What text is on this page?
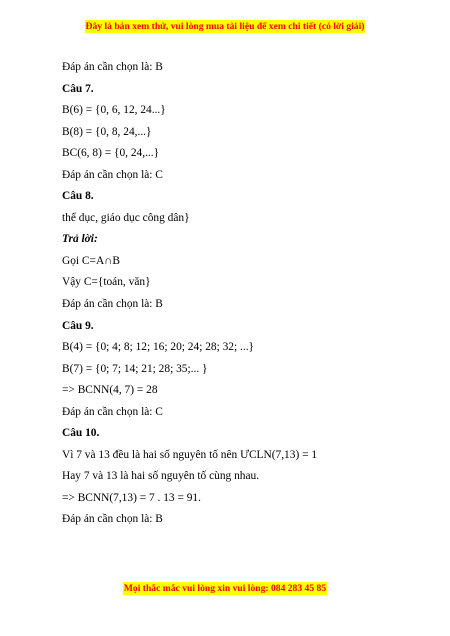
Đây là bản xem thử, vui lòng mua tài liệu để xem chi tiết (có lời giải)
Đáp án cần chọn là: B
Câu 7.
B(6) = {0, 6, 12, 24...}
B(8) = {0, 8, 24,...}
BC(6, 8) = {0, 24,...}
Đáp án cần chọn là: C
Câu 8.
thể dục, giáo dục công dân}
Trả lời:
Gọi C=A∩B
Vậy C={toán, văn}
Đáp án cần chọn là: B
Câu 9.
B(4) = {0; 4; 8; 12; 16; 20; 24; 28; 32; ...}
B(7) = {0; 7; 14; 21; 28; 35;... }
=> BCNN(4, 7) = 28
Đáp án cần chọn là: C
Câu 10.
Vì 7 và 13 đều là hai số nguyên tố nên ƯCLN(7,13) = 1
Hay 7 và 13 là hai số nguyên tố cùng nhau.
=> BCNN(7,13) = 7 . 13 = 91.
Đáp án cần chọn là: B
Mọi thắc mắc vui lòng xin vui lòng: 084 283 45 85
